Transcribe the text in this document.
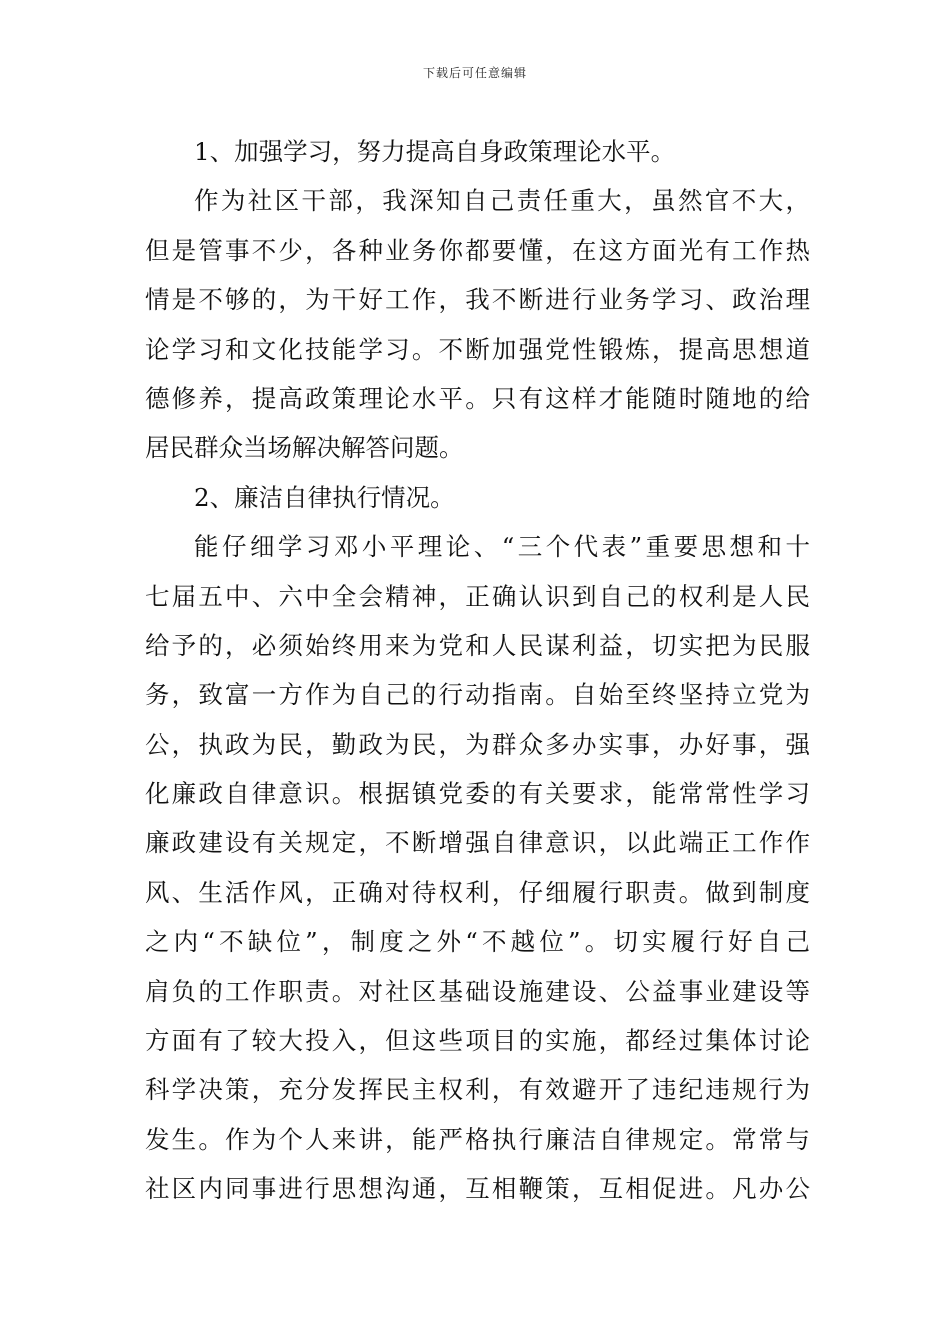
下载后可任意编辑
1、加强学习，努力提高自身政策理论水平。
作为社区干部，我深知自己责任重大，虽然官不大，
但是管事不少，各种业务你都要懂，在这方面光有工作热
情是不够的，为干好工作，我不断进行业务学习、政治理
论学习和文化技能学习。不断加强党性锻炼，提高思想道
德修养，提高政策理论水平。只有这样才能随时随地的给
居民群众当场解决解答问题。
2、廉洁自律执行情况。
能仔细学习邓小平理论、“三个代表”重要思想和十
七届五中、六中全会精神，正确认识到自己的权利是人民
给予的，必须始终用来为党和人民谋利益，切实把为民服
务，致富一方作为自己的行动指南。自始至终坚持立党为
公，执政为民，勤政为民，为群众多办实事，办好事，强
化廉政自律意识。根据镇党委的有关要求，能常常性学习
廉政建设有关规定，不断增强自律意识，以此端正工作作
风、生活作风，正确对待权利，仔细履行职责。做到制度
之内“不缺位”，制度之外“不越位”。切实履行好自己
肩负的工作职责。对社区基础设施建设、公益事业建设等
方面有了较大投入，但这些项目的实施，都经过集体讨论
科学决策，充分发挥民主权利，有效避开了违纪违规行为
发生。作为个人来讲，能严格执行廉洁自律规定。常常与
社区内同事进行思想沟通，互相鞭策，互相促进。凡办公
